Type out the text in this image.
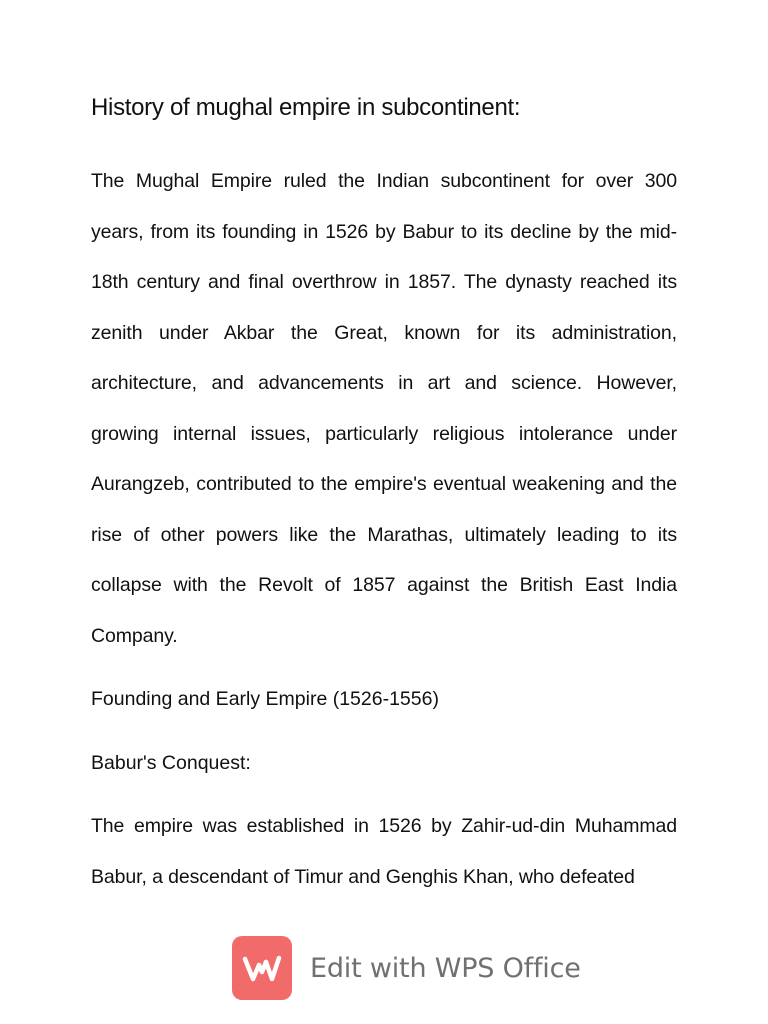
History of mughal empire in subcontinent:

The Mughal Empire ruled the Indian subcontinent for over 300 years, from its founding in 1526 by Babur to its decline by the mid-18th century and final overthrow in 1857. The dynasty reached its zenith under Akbar the Great, known for its administration, architecture, and advancements in art and science. However, growing internal issues, particularly religious intolerance under Aurangzeb, contributed to the empire's eventual weakening and the rise of other powers like the Marathas, ultimately leading to its collapse with the Revolt of 1857 against the British East India Company.

Founding and Early Empire (1526-1556)

Babur's Conquest:

The empire was established in 1526 by Zahir-ud-din Muhammad Babur, a descendant of Timur and Genghis Khan, who defeated

Edit with WPS Office
